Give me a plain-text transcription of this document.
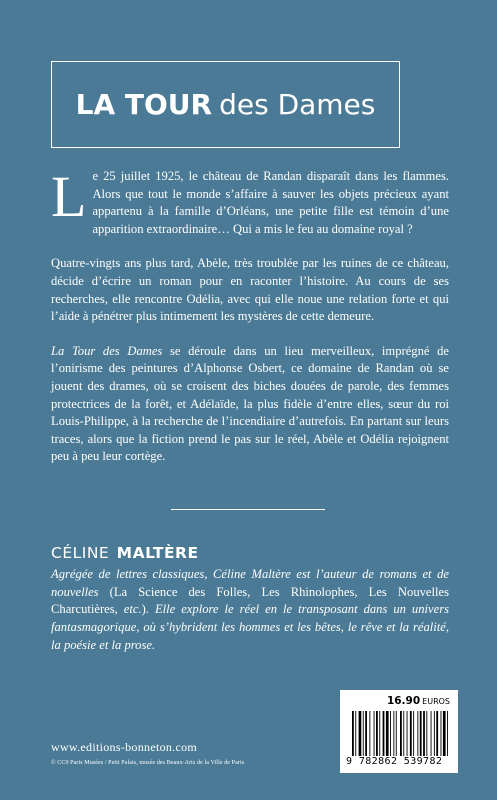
LA TOUR des Dames

Le 25 juillet 1925, le château de Randan disparaît dans les flammes. Alors que tout le monde s’affaire à sauver les objets précieux ayant appartenu à la famille d’Orléans, une petite fille est témoin d’une apparition extraordinaire… Qui a mis le feu au domaine royal ?

Quatre-vingts ans plus tard, Abèle, très troublée par les ruines de ce château, décide d’écrire un roman pour en raconter l’histoire. Au cours de ses recherches, elle rencontre Odélia, avec qui elle noue une relation forte et qui l’aide à pénétrer plus intimement les mystères de cette demeure.

La Tour des Dames se déroule dans un lieu merveilleux, imprégné de l’onirisme des peintures d’Alphonse Osbert, ce domaine de Randan où se jouent des drames, où se croisent des biches douées de parole, des femmes protectrices de la forêt, et Adélaïde, la plus fidèle d’entre elles, sœur du roi Louis-Philippe, à la recherche de l’incendiaire d’autrefois. En partant sur leurs traces, alors que la fiction prend le pas sur le réel, Abèle et Odélia rejoignent peu à peu leur cortège.

CÉLINE MALTÈRE
Agrégée de lettres classiques, Céline Maltère est l’auteur de romans et de nouvelles (La Science des Folles, Les Rhinolophes, Les Nouvelles Charcutières, etc.). Elle explore le réel en le transposant dans un univers fantasmagorique, où s’hybrident les hommes et les bêtes, le rêve et la réalité, la poésie et la prose.
www.editions-bonneton.com
© CC0 Paris Musées / Petit Palais, musée des Beaux-Arts de la Ville de Paris
16.90 EUROS
9 782862 539782
